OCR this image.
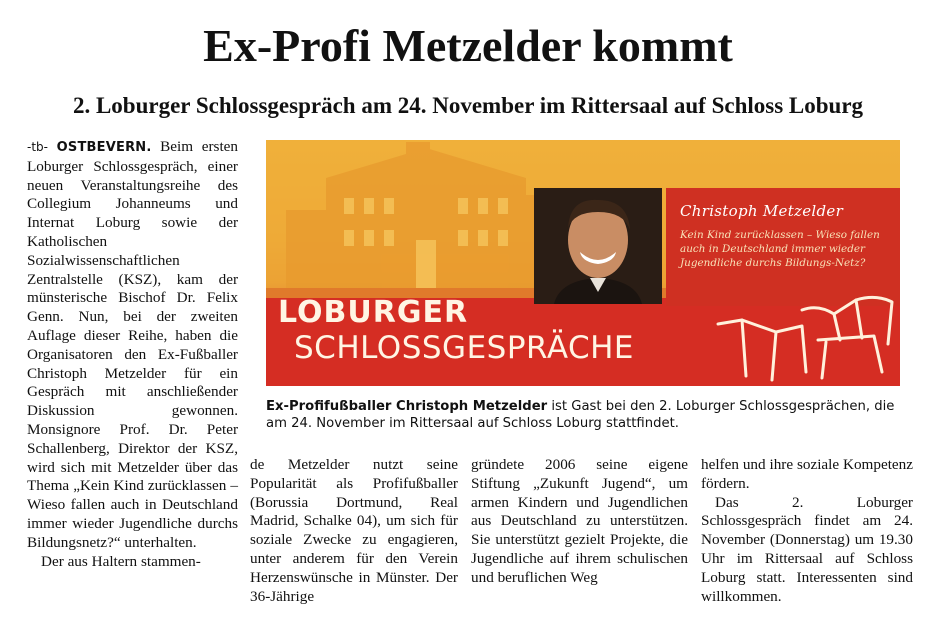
Ex-Profi Metzelder kommt
2. Loburger Schlossgespräch am 24. November im Rittersaal auf Schloss Loburg

-tb- OSTBEVERN. Beim ersten Loburger Schlossgespräch, einer neuen Veranstaltungsreihe des Collegium Johanneums und Internat Loburg sowie der Katholischen Sozialwissenschaftlichen Zentralstelle (KSZ), kam der münsterische Bischof Dr. Felix Genn. Nun, bei der zweiten Auflage dieser Reihe, haben die Organisatoren den Ex-Fußballer Christoph Metzelder für ein Gespräch mit anschließender Diskussion gewonnen. Monsignore Prof. Dr. Peter Schallenberg, Direktor der KSZ, wird sich mit Metzelder über das Thema „Kein Kind zurücklassen – Wieso fallen auch in Deutschland immer wieder Jugendliche durchs Bildungsnetz?“ unterhalten.

Der aus Haltern stammen-

Christoph Metzelder
Kein Kind zurücklassen – Wieso fallen auch in Deutschland immer wieder Jugendliche durchs Bildungs-Netz?
LOBURGER
SCHLOSSGESPRÄCHE
Ex-Profifußballer Christoph Metzelder ist Gast bei den 2. Loburger Schlossgesprächen, die am 24. November im Rittersaal auf Schloss Loburg stattfindet.

de Metzelder nutzt seine Popularität als Profifußballer (Borussia Dortmund, Real Madrid, Schalke 04), um sich für soziale Zwecke zu engagieren, unter anderem für den Verein Herzenswünsche in Münster. Der 36-Jährige

gründete 2006 seine eigene Stiftung „Zukunft Jugend“, um armen Kindern und Jugendlichen aus Deutschland zu unterstützen. Sie unterstützt gezielt Projekte, die Jugendliche auf ihrem schulischen und beruflichen Weg

helfen und ihre soziale Kompetenz fördern.

Das 2. Loburger Schlossgespräch findet am 24. November (Donnerstag) um 19.30 Uhr im Rittersaal auf Schloss Loburg statt. Interessenten sind willkommen.
